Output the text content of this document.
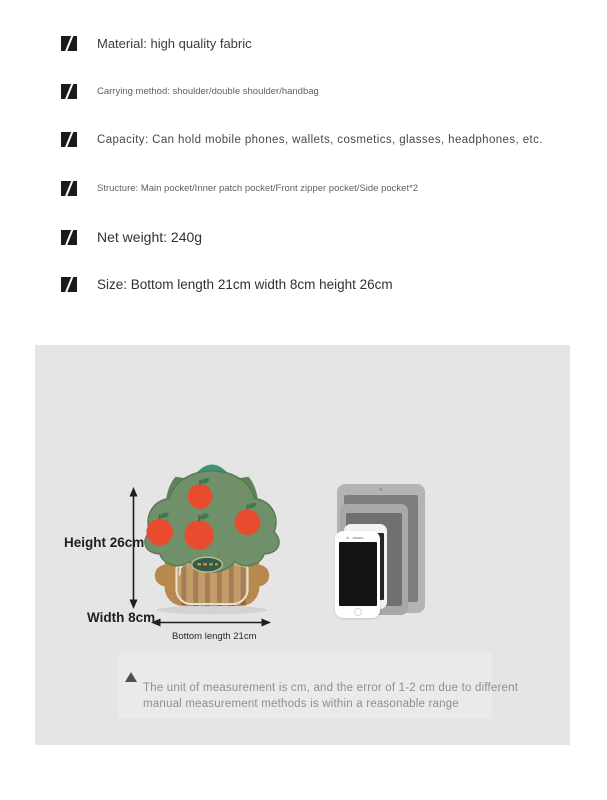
Material: high quality fabric
Carrying method: shoulder/double shoulder/handbag
Capacity: Can hold mobile phones, wallets, cosmetics, glasses, headphones, etc.
Structure: Main pocket/Inner patch pocket/Front zipper pocket/Side pocket*2
Net weight: 240g
Size: Bottom length 21cm width 8cm height 26cm
Height 26cm
Width 8cm
Bottom length 21cm
The unit of measurement is cm, and the error of 1-2 cm due to different
manual measurement methods is within a reasonable range
